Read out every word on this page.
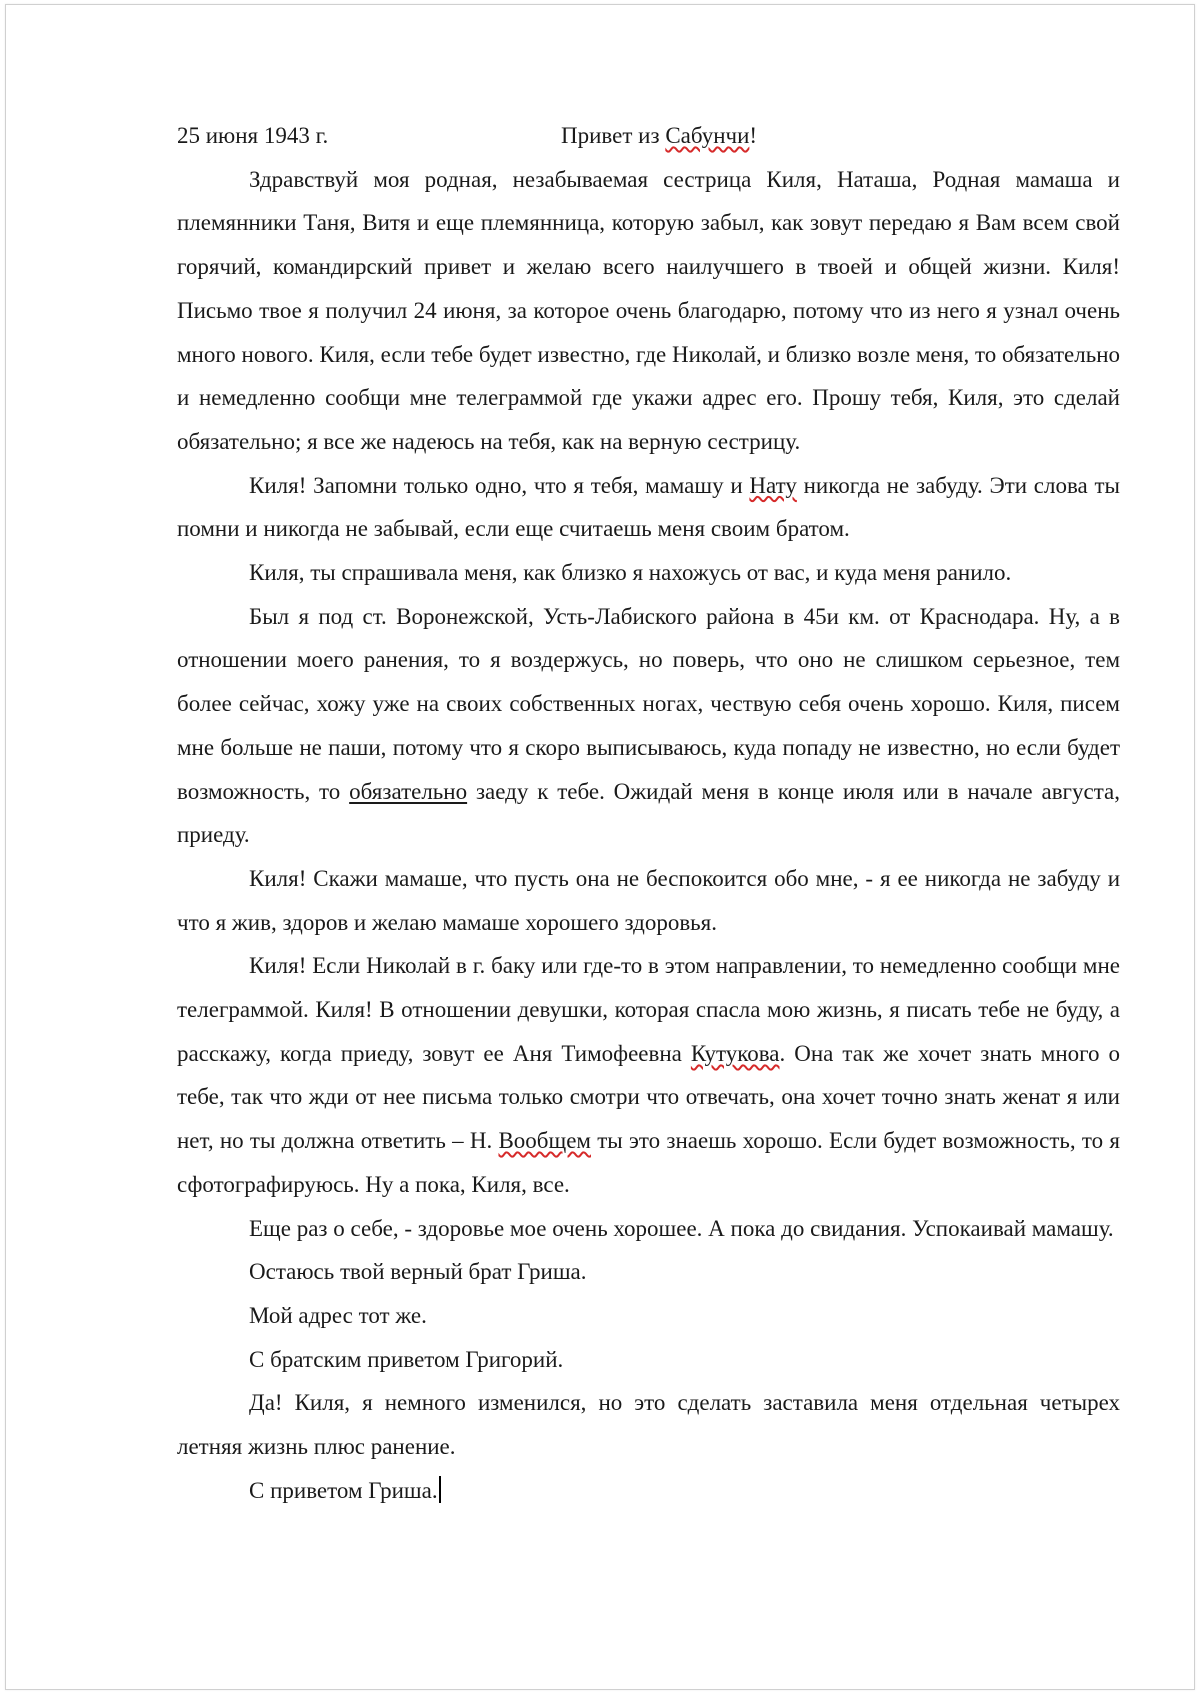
25 июня 1943 г.	Привет из Сабунчи!

Здравствуй моя родная, незабываемая сестрица Киля, Наташа, Родная мамаша и племянники Таня, Витя и еще племянница, которую забыл, как зовут передаю я Вам всем свой горячий, командирский привет и желаю всего наилучшего в твоей и общей жизни. Киля! Письмо твое я получил 24 июня, за которое очень благодарю, потому что из него я узнал очень много нового. Киля, если тебе будет известно, где Николай, и близко возле меня, то обязательно и немедленно сообщи мне телеграммой где укажи адрес его. Прошу тебя, Киля, это сделай обязательно; я все же надеюсь на тебя, как на верную сестрицу.

Киля! Запомни только одно, что я тебя, мамашу и Нату никогда не забуду. Эти слова ты помни и никогда не забывай, если еще считаешь меня своим братом.

Киля, ты спрашивала меня, как близко я нахожусь от вас, и куда меня ранило.

Был я под ст. Воронежской, Усть-Лабиского района в 45и км. от Краснодара. Ну, а в отношении моего ранения, то я воздержусь, но поверь, что оно не слишком серьезное, тем более сейчас, хожу уже на своих собственных ногах, чествую себя очень хорошо. Киля, писем мне больше не паши, потому что я скоро выписываюсь, куда попаду не известно, но если будет возможность, то обязательно заеду к тебе. Ожидай меня в конце июля или в начале августа, приеду.

Киля! Скажи мамаше, что пусть она не беспокоится обо мне, - я ее никогда не забуду и что я жив, здоров и желаю мамаше хорошего здоровья.

Киля! Если Николай в г. баку или где-то в этом направлении, то немедленно сообщи мне телеграммой. Киля! В отношении девушки, которая спасла мою жизнь, я писать тебе не буду, а расскажу, когда приеду, зовут ее Аня Тимофеевна Кутукова. Она так же хочет знать много о тебе, так что жди от нее письма только смотри что отвечать, она хочет точно знать женат я или нет, но ты должна ответить – Н. Вообщем ты это знаешь хорошо. Если будет возможность, то я сфотографируюсь. Ну а пока, Киля, все.

Еще раз о себе, - здоровье мое очень хорошее. А пока до свидания. Успокаивай мамашу.

Остаюсь твой верный брат Гриша.

Мой адрес тот же.

С братским приветом Григорий.

Да! Киля, я немного изменился, но это сделать заставила меня отдельная четырех летняя жизнь плюс ранение.

С приветом Гриша.
